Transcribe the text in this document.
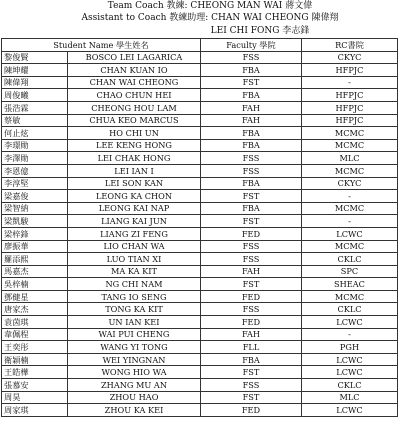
Team Coach 教練: CHEONG MAN WAI 蔣文偉
Assistant to Coach 教練助理: CHAN WAI CHEONG 陳偉翔
LEI CHI FONG 李志鋒
Student Name 學生姓名		Faculty 學院	RC書院
黎俊賢	BOSCO LEI LAGARICA	FSS	CKYC
陳坤耀	CHAN KUAN IO	FBA	HFPJC
陳偉翔	CHAN WAI CHEONG	FST	-
周俊曦	CHAO CHUN HEI	FBA	HFPJC
張浩霖	CHEONG HOU LAM	FAH	HFPJC
蔡敏	CHUA KEO MARCUS	FAH	HFPJC
何止炫	HO CHI UN	FBA	MCMC
李璟勛	LEE KENG HONG	FBA	MCMC
李澤勛	LEI CHAK HONG	FSS	MLC
李恩億	LEI IAN I	FSS	MCMC
李淳堅	LEI SON KAN	FBA	CKYC
梁嘉俊	LEONG KA CHON	FST	-
梁智納	LEONG KAI NAP	FBA	MCMC
梁凱駿	LIANG KAI JUN	FST	-
梁梓鋒	LIANG ZI FENG	FED	LCWC
廖振華	LIO CHAN WA	FSS	MCMC
羅添熙	LUO TIAN XI	FSS	CKLC
馬嘉杰	MA KA KIT	FAH	SPC
吳梓楠	NG CHI NAM	FST	SHEAC
鄧健星	TANG IO SENG	FED	MCMC
唐家杰	TONG KA KIT	FSS	CKLC
袁茵琪	UN IAN KEI	FED	LCWC
韋佩程	WAI PUI CHENG	FAH	-
王奕彤	WANG YI TONG	FLL	PGH
衛穎楠	WEI YINGNAN	FBA	LCWC
王皓樺	WONG HIO WA	FST	LCWC
張慕安	ZHANG MU AN	FSS	CKLC
周昊	ZHOU HAO	FST	MLC
周家琪	ZHOU KA KEI	FED	LCWC
